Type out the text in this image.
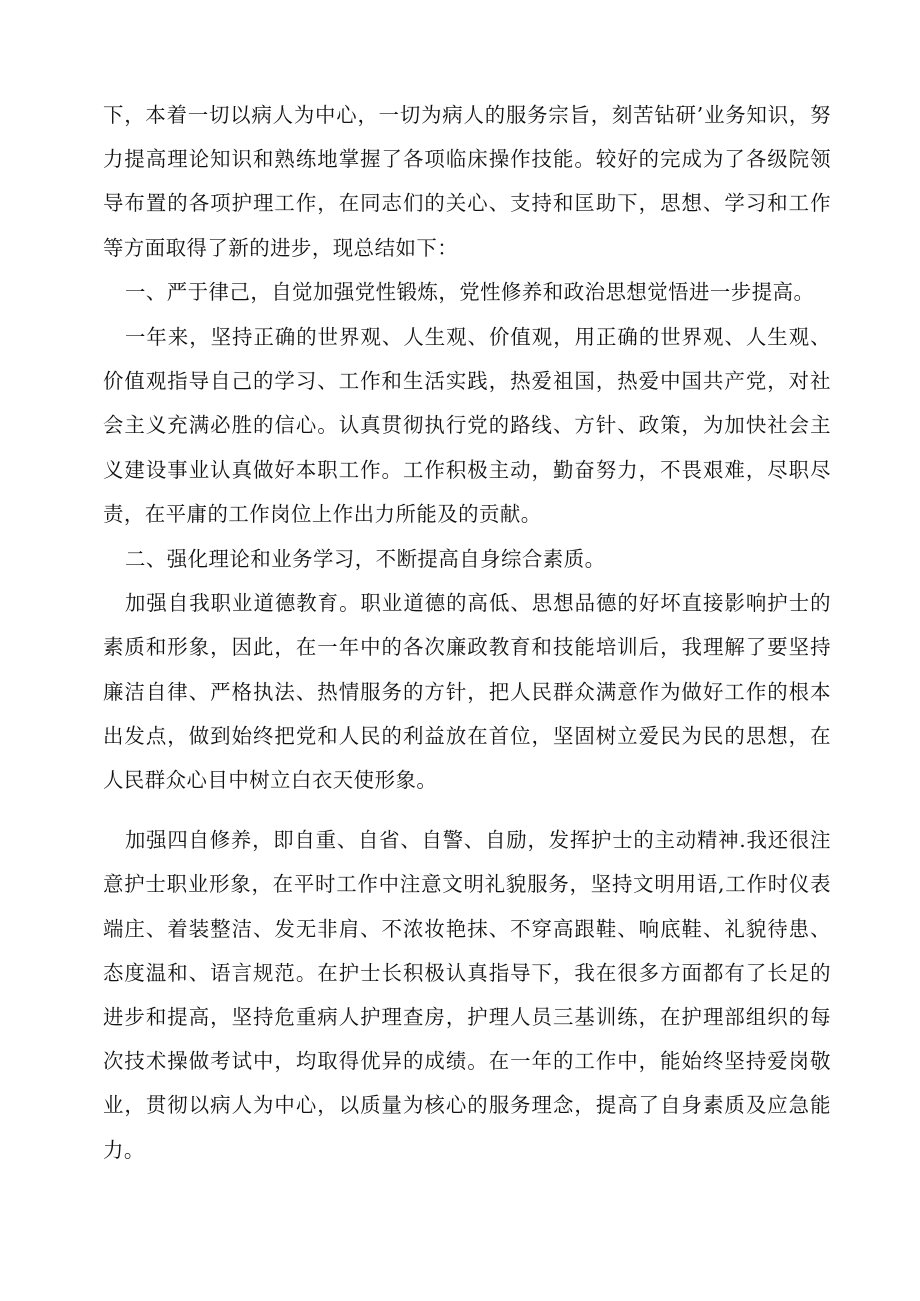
下，本着一切以病人为中心，一切为病人的服务宗旨，刻苦钻研’业务知识，努力提高理论知识和熟练地掌握了各项临床操作技能。较好的完成为了各级院领导布置的各项护理工作，在同志们的关心、支持和匡助下，思想、学习和工作等方面取得了新的进步，现总结如下：

一、严于律己，自觉加强党性锻炼，党性修养和政治思想觉悟进一步提高。

一年来，坚持正确的世界观、人生观、价值观，用正确的世界观、人生观、价值观指导自己的学习、工作和生活实践，热爱祖国，热爱中国共产党，对社会主义充满必胜的信心。认真贯彻执行党的路线、方针、政策，为加快社会主义建设事业认真做好本职工作。工作积极主动，勤奋努力，不畏艰难，尽职尽责，在平庸的工作岗位上作出力所能及的贡献。

二、强化理论和业务学习，不断提高自身综合素质。

加强自我职业道德教育。职业道德的高低、思想品德的好坏直接影响护士的素质和形象，因此，在一年中的各次廉政教育和技能培训后，我理解了要坚持廉洁自律、严格执法、热情服务的方针，把人民群众满意作为做好工作的根本出发点，做到始终把党和人民的利益放在首位，坚固树立爱民为民的思想，在人民群众心目中树立白衣天使形象。

加强四自修养，即自重、自省、自警、自励，发挥护士的主动精神.我还很注意护士职业形象，在平时工作中注意文明礼貌服务，坚持文明用语,工作时仪表端庄、着装整洁、发无非肩、不浓妆艳抹、不穿高跟鞋、响底鞋、礼貌待患、态度温和、语言规范。在护士长积极认真指导下，我在很多方面都有了长足的进步和提高，坚持危重病人护理查房，护理人员三基训练，在护理部组织的每次技术操做考试中，均取得优异的成绩。在一年的工作中，能始终坚持爱岗敬业，贯彻以病人为中心，以质量为核心的服务理念，提高了自身素质及应急能力。
